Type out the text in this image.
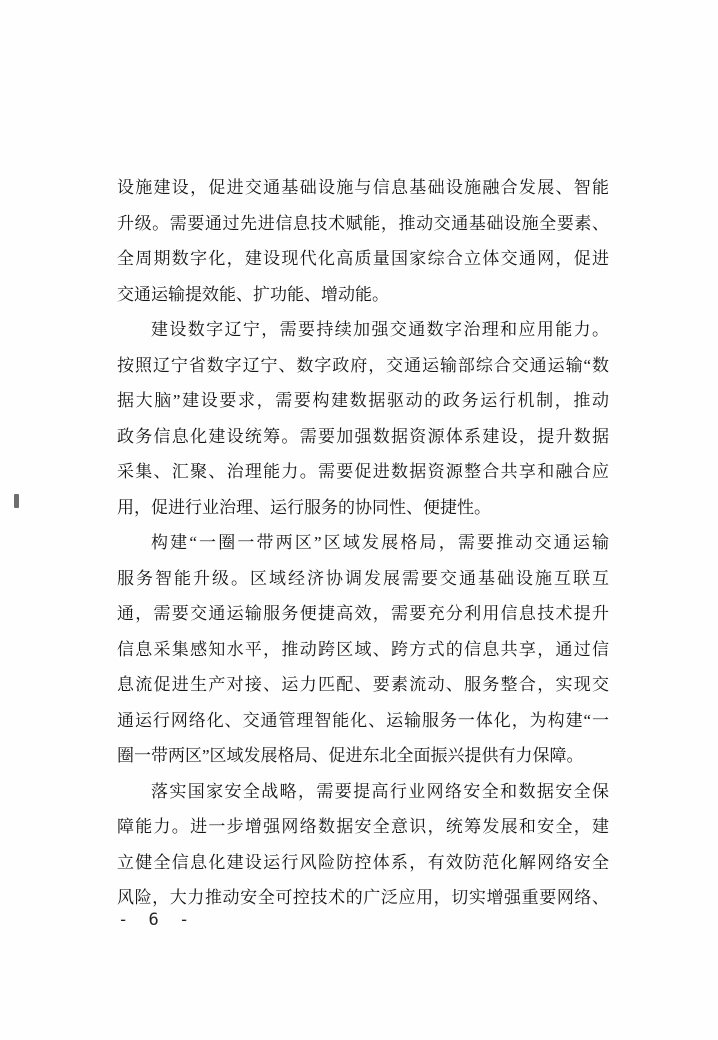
设施建设，促进交通基础设施与信息基础设施融合发展、智能
升级。需要通过先进信息技术赋能，推动交通基础设施全要素、
全周期数字化，建设现代化高质量国家综合立体交通网，促进
交通运输提效能、扩功能、增动能。

建设数字辽宁，需要持续加强交通数字治理和应用能力。
按照辽宁省数字辽宁、数字政府，交通运输部综合交通运输“数
据大脑”建设要求，需要构建数据驱动的政务运行机制，推动
政务信息化建设统筹。需要加强数据资源体系建设，提升数据
采集、汇聚、治理能力。需要促进数据资源整合共享和融合应
用，促进行业治理、运行服务的协同性、便捷性。

构建“一圈一带两区”区域发展格局，需要推动交通运输
服务智能升级。区域经济协调发展需要交通基础设施互联互
通，需要交通运输服务便捷高效，需要充分利用信息技术提升
信息采集感知水平，推动跨区域、跨方式的信息共享，通过信
息流促进生产对接、运力匹配、要素流动、服务整合，实现交
通运行网络化、交通管理智能化、运输服务一体化，为构建“一
圈一带两区”区域发展格局、促进东北全面振兴提供有力保障。

落实国家安全战略，需要提高行业网络安全和数据安全保
障能力。进一步增强网络数据安全意识，统筹发展和安全，建
立健全信息化建设运行风险防控体系，有效防范化解网络安全
风险，大力推动安全可控技术的广泛应用，切实增强重要网络、

- 6 -
